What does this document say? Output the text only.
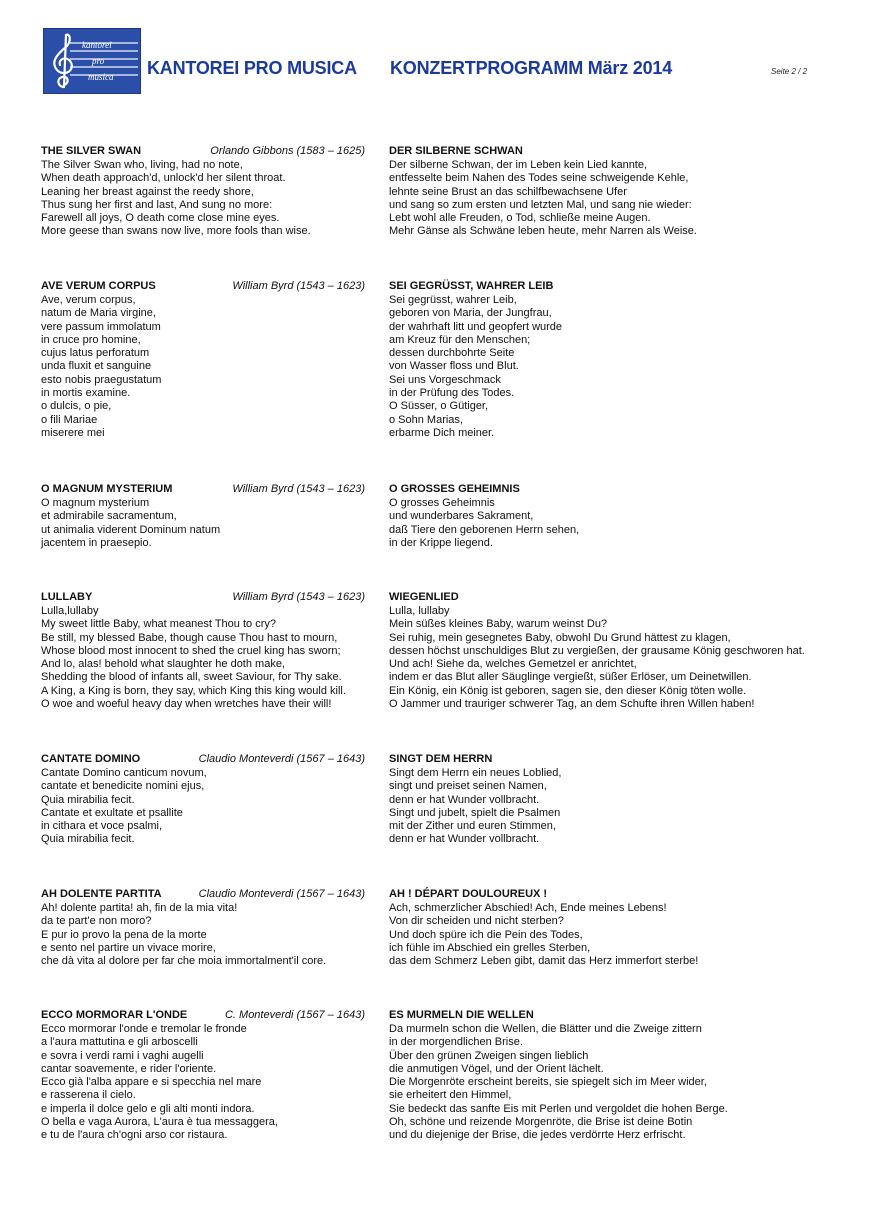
kantorei
pro
musica KANTOREI PRO MUSICA KONZERTPROGRAMM März 2014	Seite 2 / 2
THE SILVER SWAN	Orlando Gibbons (1583 – 1625)
The Silver Swan who, living, had no note,
When death approach'd, unlock'd her silent throat.
Leaning her breast against the reedy shore,
Thus sung her first and last, And sung no more:
Farewell all joys, O death come close mine eyes.
More geese than swans now live, more fools than wise.
DER SILBERNE SCHWAN
Der silberne Schwan, der im Leben kein Lied kannte,
entfesselte beim Nahen des Todes seine schweigende Kehle,
lehnte seine Brust an das schilfbewachsene Ufer
und sang so zum ersten und letzten Mal, und sang nie wieder:
Lebt wohl alle Freuden, o Tod, schließe meine Augen.
Mehr Gänse als Schwäne leben heute, mehr Narren als Weise.
AVE VERUM CORPUS	William Byrd (1543 – 1623)
Ave, verum corpus,
natum de Maria virgine,
vere passum immolatum
in cruce pro homine,
cujus latus perforatum
unda fluxit et sanguine
esto nobis praegustatum
in mortis examine.
o dulcis, o pie,
o fili Mariae
miserere mei
SEI GEGRÜSST, WAHRER LEIB
Sei gegrüsst, wahrer Leib,
geboren von Maria, der Jungfrau,
der wahrhaft litt und geopfert wurde
am Kreuz für den Menschen;
dessen durchbohrte Seite
von Wasser floss und Blut.
Sei uns Vorgeschmack
in der Prüfung des Todes.
O Süsser, o Gütiger,
o Sohn Marias,
erbarme Dich meiner.
O MAGNUM MYSTERIUM	William Byrd (1543 – 1623)
O magnum mysterium
et admirabile sacramentum,
ut animalia viderent Dominum natum
jacentem in praesepio.
O GROSSES GEHEIMNIS
O grosses Geheimnis
und wunderbares Sakrament,
daß Tiere den geborenen Herrn sehen,
in der Krippe liegend.
LULLABY	William Byrd (1543 – 1623)
Lulla,lullaby
My sweet little Baby, what meanest Thou to cry?
Be still, my blessed Babe, though cause Thou hast to mourn,
Whose blood most innocent to shed the cruel king has sworn;
And lo, alas! behold what slaughter he doth make,
Shedding the blood of infants all, sweet Saviour, for Thy sake.
A King, a King is born, they say, which King this king would kill.
O woe and woeful heavy day when wretches have their will!
WIEGENLIED
Lulla, lullaby
Mein süßes kleines Baby, warum weinst Du?
Sei ruhig, mein gesegnetes Baby, obwohl Du Grund hättest zu klagen,
dessen höchst unschuldiges Blut zu vergießen, der grausame König geschworen hat.
Und ach! Siehe da, welches Gemetzel er anrichtet,
indem er das Blut aller Säuglinge vergießt, süßer Erlöser, um Deinetwillen.
Ein König, ein König ist geboren, sagen sie, den dieser König töten wolle.
O Jammer und trauriger schwerer Tag, an dem Schufte ihren Willen haben!
CANTATE DOMINO	Claudio Monteverdi (1567 – 1643)
Cantate Domino canticum novum,
cantate et benedicite nomini ejus,
Quia mirabilia fecit.
Cantate et exultate et psallite
in cithara et voce psalmi,
Quia mirabilia fecit.
SINGT DEM HERRN
Singt dem Herrn ein neues Loblied,
singt und preiset seinen Namen,
denn er hat Wunder vollbracht.
Singt und jubelt, spielt die Psalmen
mit der Zither und euren Stimmen,
denn er hat Wunder vollbracht.
AH DOLENTE PARTITA	Claudio Monteverdi (1567 – 1643)
Ah! dolente partita! ah, fin de la mia vita!
da te part'e non moro?
E pur io provo la pena de la morte
e sento nel partire un vivace morire,
che dà vita al dolore per far che moia immortalment'il core.
AH ! DÉPART DOULOUREUX !
Ach, schmerzlicher Abschied! Ach, Ende meines Lebens!
Von dir scheiden und nicht sterben?
Und doch spüre ich die Pein des Todes,
ich fühle im Abschied ein grelles Sterben,
das dem Schmerz Leben gibt, damit das Herz immerfort sterbe!
ECCO MORMORAR L'ONDE	C. Monteverdi (1567 – 1643)
Ecco mormorar l'onde e tremolar le fronde
a l'aura mattutina e gli arboscelli
e sovra i verdi rami i vaghi augelli
cantar soavemente, e rider l'oriente.
Ecco già l'alba appare e si specchia nel mare
e rasserena il cielo.
e imperla il dolce gelo e gli alti monti indora.
O bella e vaga Aurora, L'aura è tua messaggera,
e tu de l'aura ch'ogni arso cor ristaura.
ES MURMELN DIE WELLEN
Da murmeln schon die Wellen, die Blätter und die Zweige zittern
in der morgendlichen Brise.
Über den grünen Zweigen singen lieblich
die anmutigen Vögel, und der Orient lächelt.
Die Morgenröte erscheint bereits, sie spiegelt sich im Meer wider,
sie erheitert den Himmel,
Sie bedeckt das sanfte Eis mit Perlen und vergoldet die hohen Berge.
Oh, schöne und reizende Morgenröte, die Brise ist deine Botin
und du diejenige der Brise, die jedes verdörrte Herz erfrischt.
